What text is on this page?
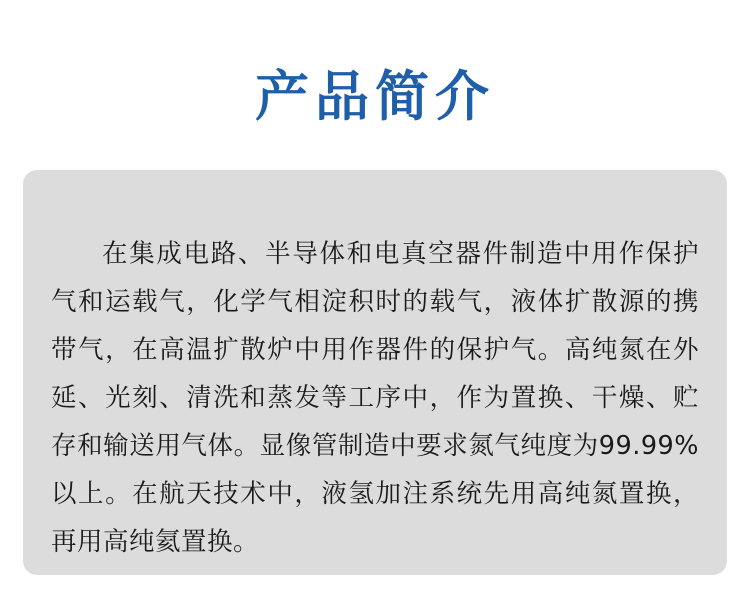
产品简介

在集成电路、半导体和电真空器件制造中用作保护气和运载气，化学气相淀积时的载气，液体扩散源的携带气，在高温扩散炉中用作器件的保护气。高纯氮在外延、光刻、清洗和蒸发等工序中，作为置换、干燥、贮存和输送用气体。显像管制造中要求氮气纯度为99.99%以上。在航天技术中，液氢加注系统先用高纯氮置换，再用高纯氦置换。
